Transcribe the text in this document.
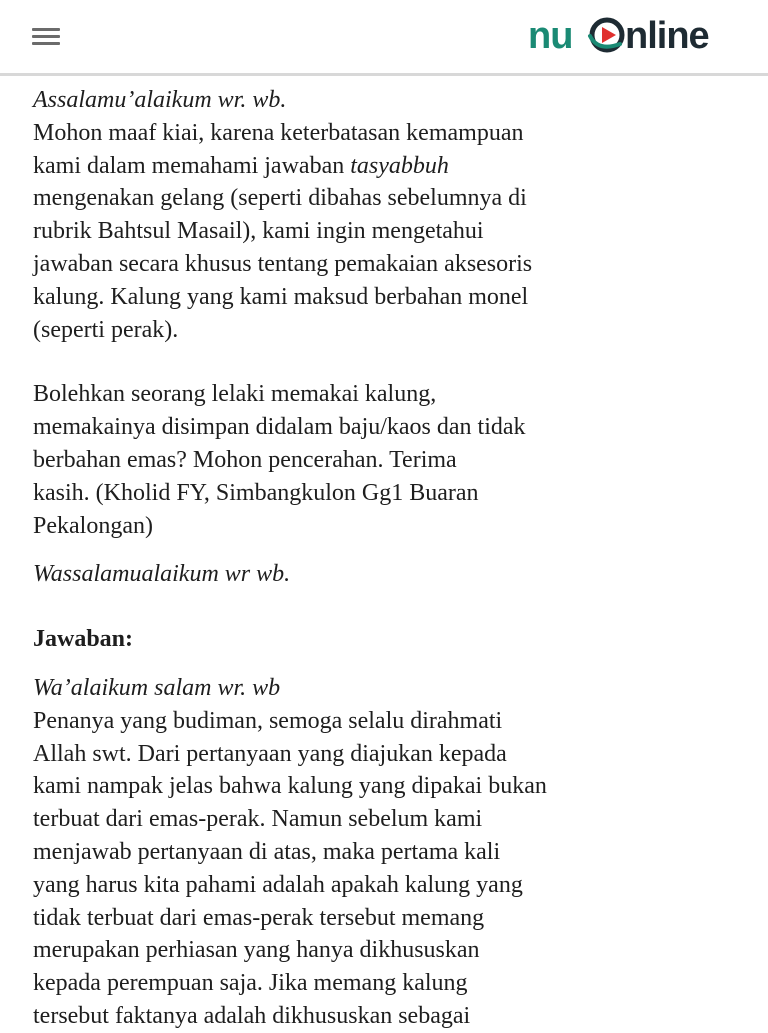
nu nline

Assalamu’alaikum wr. wb.

Mohon maaf kiai, karena keterbatasan kemampuan
kami dalam memahami jawaban tasyabbuh
mengenakan gelang (seperti dibahas sebelumnya di
rubrik Bahtsul Masail), kami ingin mengetahui
jawaban secara khusus tentang pemakaian aksesoris
kalung. Kalung yang kami maksud berbahan monel
(seperti perak).

Bolehkan seorang lelaki memakai kalung,
memakainya disimpan didalam baju/kaos dan tidak
berbahan emas? Mohon pencerahan. Terima
kasih. (Kholid FY, Simbangkulon Gg1 Buaran
Pekalongan)

Wassalamualaikum wr wb.

Jawaban:

Wa’alaikum salam wr. wb

Penanya yang budiman, semoga selalu dirahmati
Allah swt. Dari pertanyaan yang diajukan kepada
kami nampak jelas bahwa kalung yang dipakai bukan
terbuat dari emas-perak. Namun sebelum kami
menjawab pertanyaan di atas, maka pertama kali
yang harus kita pahami adalah apakah kalung yang
tidak terbuat dari emas-perak tersebut memang
merupakan perhiasan yang hanya dikhususkan
kepada perempuan saja. Jika memang kalung
tersebut faktanya adalah dikhususkan sebagai
